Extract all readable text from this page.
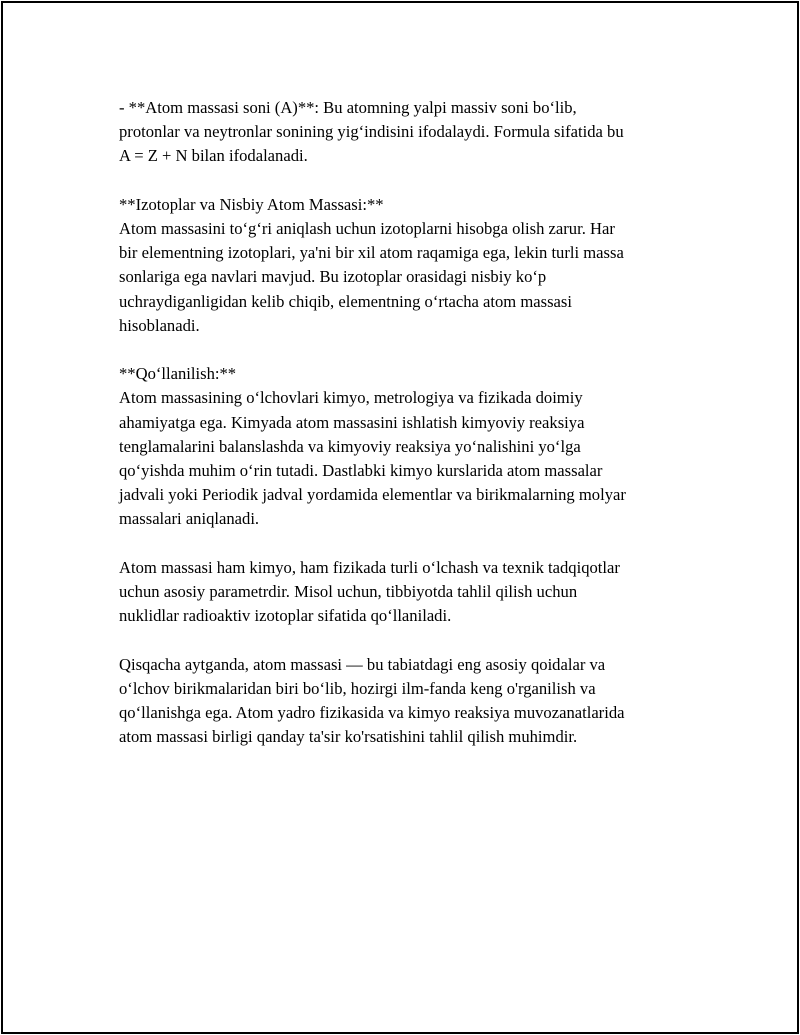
- **Atom massasi soni (A)**: Bu atomning yalpi massiv soni bo‘lib,
protonlar va neytronlar sonining yig‘indisini ifodalaydi. Formula sifatida bu
A = Z + N bilan ifodalanadi.

**Izotoplar va Nisbiy Atom Massasi:**
Atom massasini to‘g‘ri aniqlash uchun izotoplarni hisobga olish zarur. Har
bir elementning izotoplari, ya'ni bir xil atom raqamiga ega, lekin turli massa
sonlariga ega navlari mavjud. Bu izotoplar orasidagi nisbiy ko‘p
uchraydiganligidan kelib chiqib, elementning o‘rtacha atom massasi
hisoblanadi.

**Qo‘llanilish:**
Atom massasining o‘lchovlari kimyo, metrologiya va fizikada doimiy
ahamiyatga ega. Kimyada atom massasini ishlatish kimyoviy reaksiya
tenglamalarini balanslashda va kimyoviy reaksiya yo‘nalishini yo‘lga
qo‘yishda muhim o‘rin tutadi. Dastlabki kimyo kurslarida atom massalar
jadvali yoki Periodik jadval yordamida elementlar va birikmalarning molyar
massalari aniqlanadi.

Atom massasi ham kimyo, ham fizikada turli o‘lchash va texnik tadqiqotlar
uchun asosiy parametrdir. Misol uchun, tibbiyotda tahlil qilish uchun
nuklidlar radioaktiv izotoplar sifatida qo‘llaniladi.

Qisqacha aytganda, atom massasi — bu tabiatdagi eng asosiy qoidalar va
o‘lchov birikmalaridan biri bo‘lib, hozirgi ilm-fanda keng o'rganilish va
qo‘llanishga ega. Atom yadro fizikasida va kimyo reaksiya muvozanatlarida
atom massasi birligi qanday ta'sir ko'rsatishini tahlil qilish muhimdir.
